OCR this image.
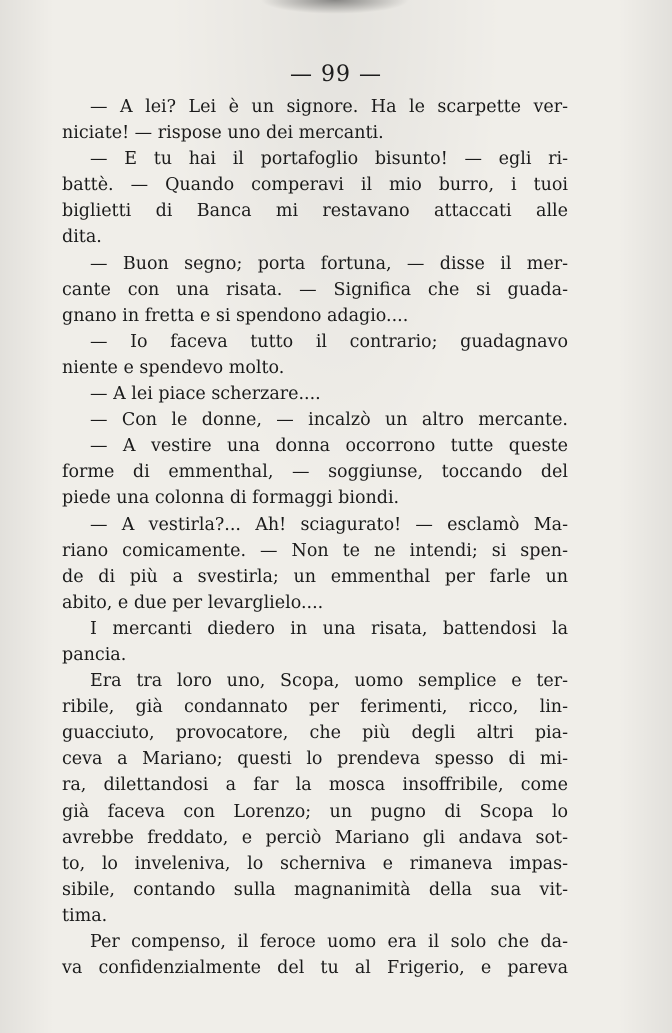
— 99 —
— A lei? Lei è un signore. Ha le scarpette ver-
niciate! — rispose uno dei mercanti.
— E tu hai il portafoglio bisunto! — egli ri-
battè. — Quando comperavi il mio burro, i tuoi
biglietti di Banca mi restavano attaccati alle
dita.
— Buon segno; porta fortuna, — disse il mer-
cante con una risata. — Significa che si guada-
gnano in fretta e si spendono adagio....
— Io faceva tutto il contrario; guadagnavo
niente e spendevo molto.
— A lei piace scherzare....
— Con le donne, — incalzò un altro mercante.
— A vestire una donna occorrono tutte queste
forme di emmenthal, — soggiunse, toccando del
piede una colonna di formaggi biondi.
— A vestirla?... Ah! sciagurato! — esclamò Ma-
riano comicamente. — Non te ne intendi; si spen-
de di più a svestirla; un emmenthal per farle un
abito, e due per levarglielo....
I mercanti diedero in una risata, battendosi la
pancia.
Era tra loro uno, Scopa, uomo semplice e ter-
ribile, già condannato per ferimenti, ricco, lin-
guacciuto, provocatore, che più degli altri pia-
ceva a Mariano; questi lo prendeva spesso di mi-
ra, dilettandosi a far la mosca insoffribile, come
già faceva con Lorenzo; un pugno di Scopa lo
avrebbe freddato, e perciò Mariano gli andava sot-
to, lo inveleniva, lo scherniva e rimaneva impas-
sibile, contando sulla magnanimità della sua vit-
tima.
Per compenso, il feroce uomo era il solo che da-
va confidenzialmente del tu al Frigerio, e pareva
